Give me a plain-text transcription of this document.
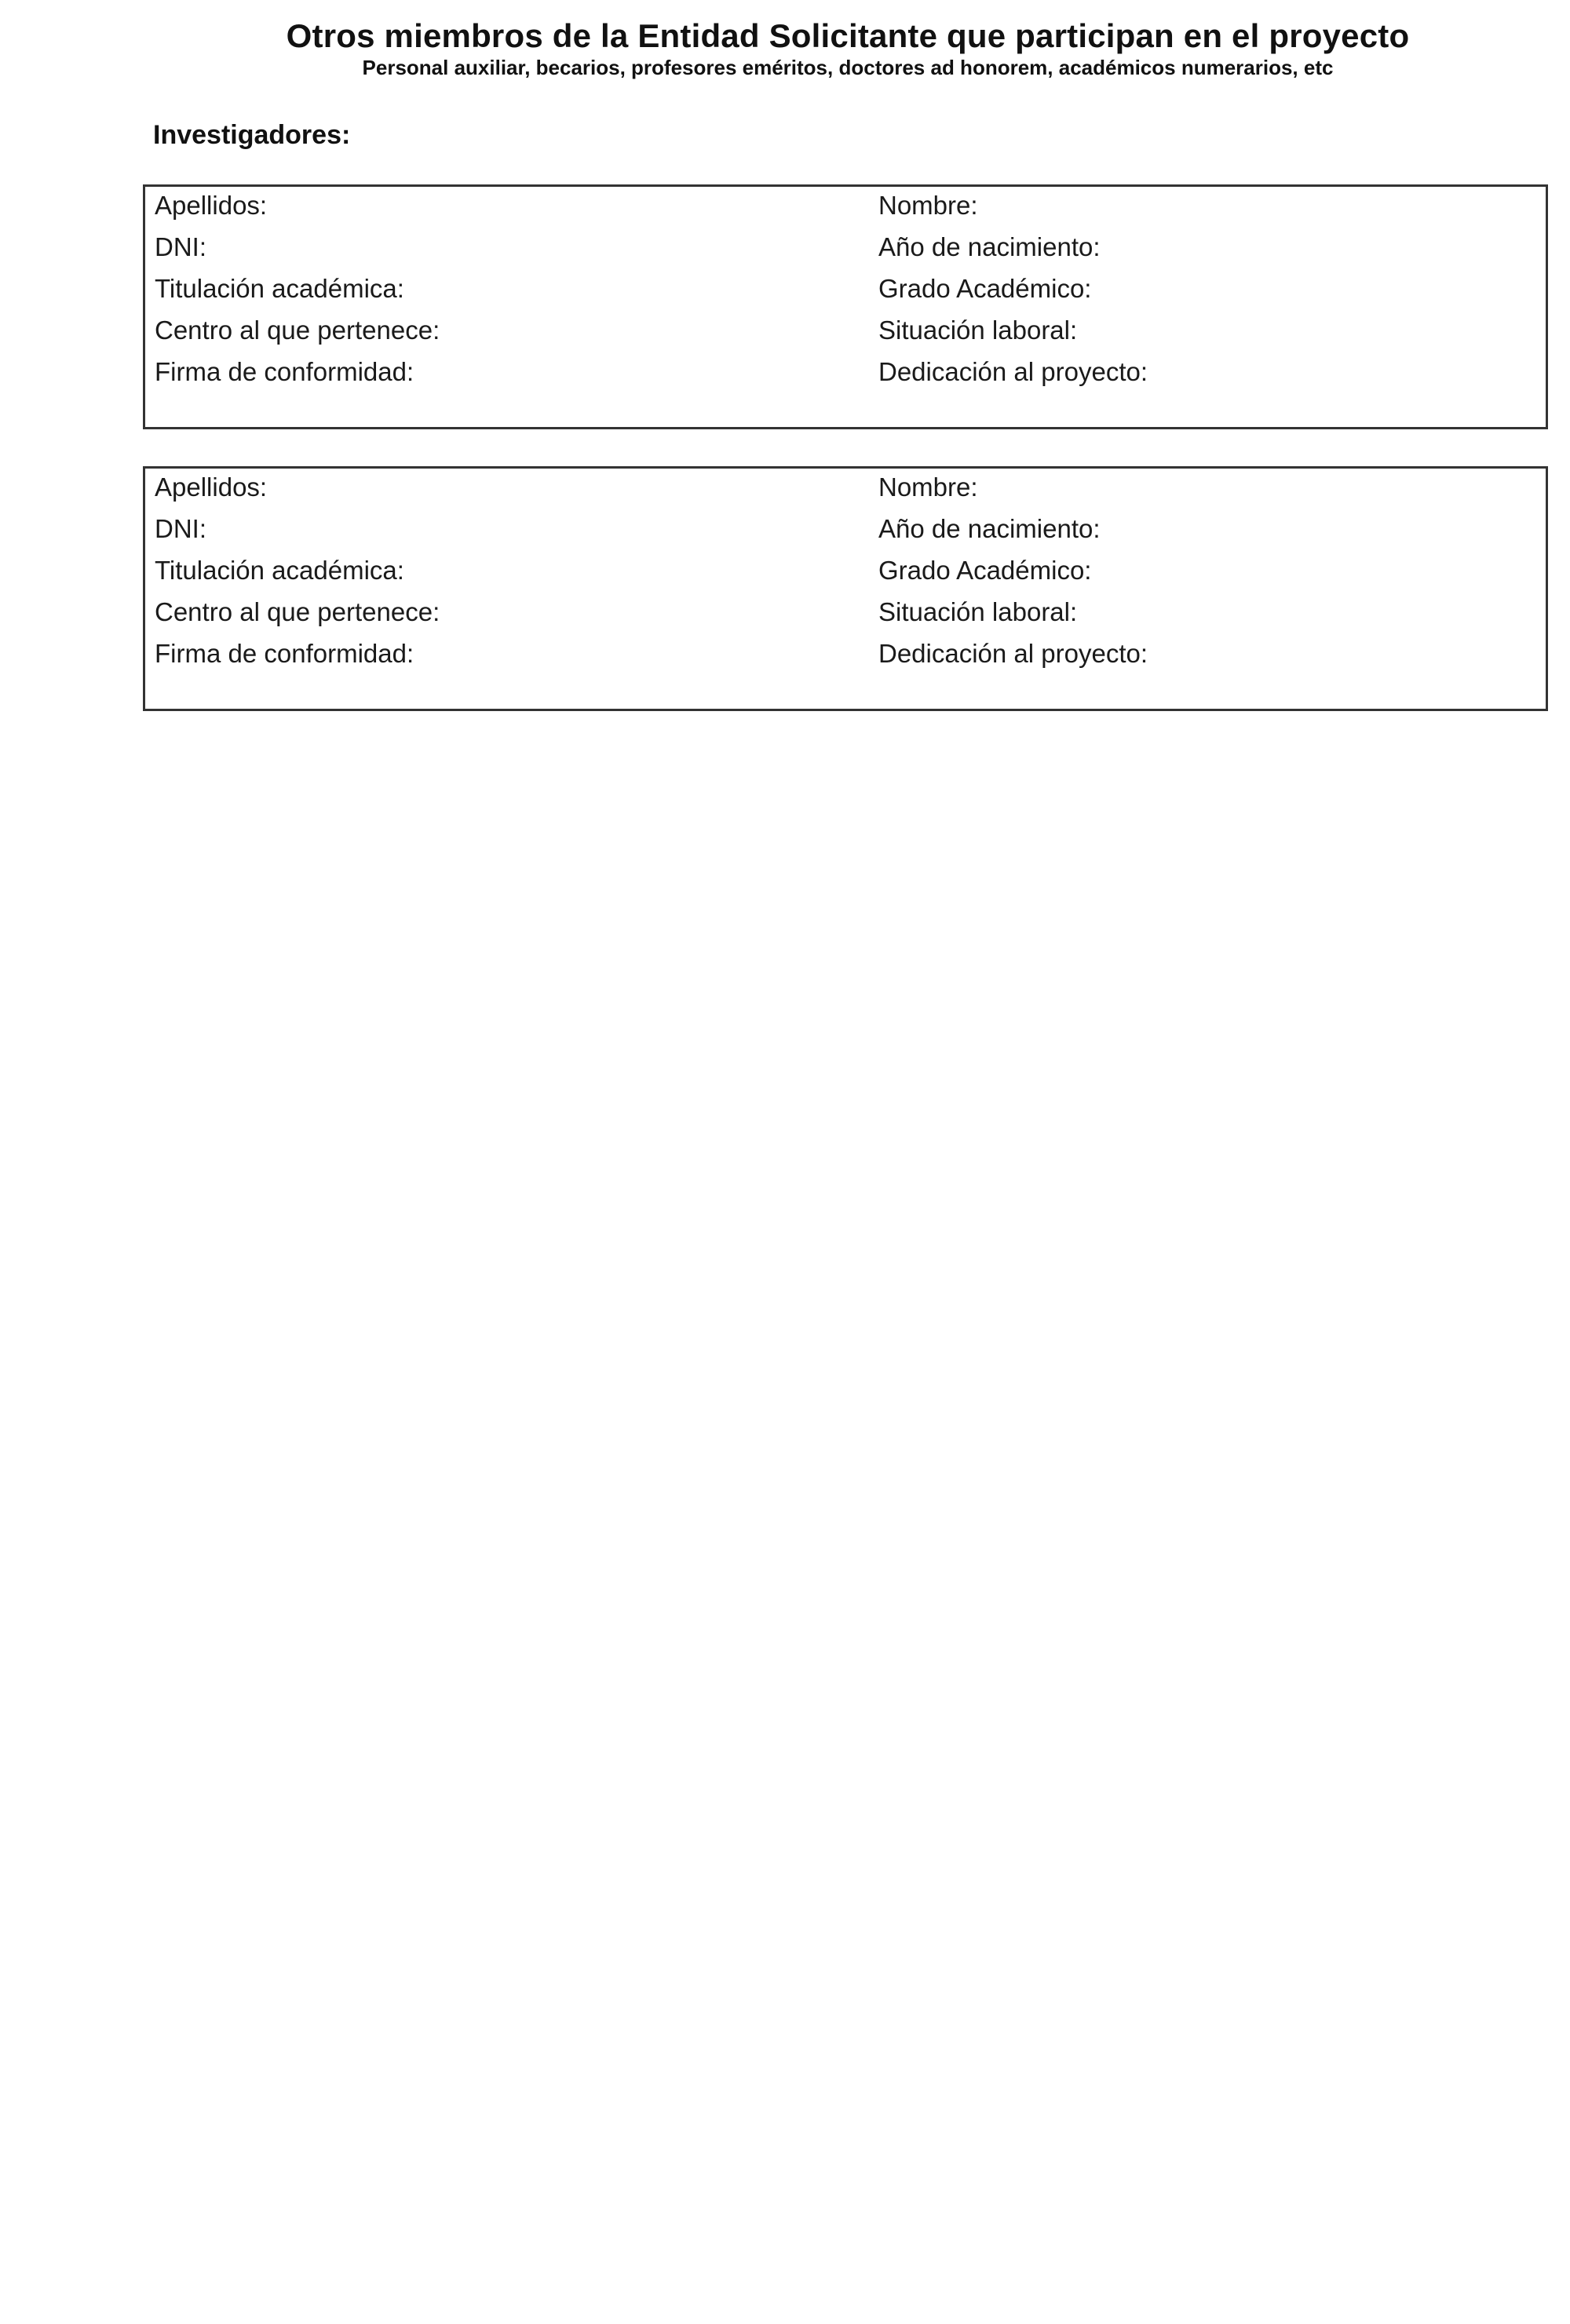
Otros miembros de la Entidad Solicitante que participan en el proyecto
Personal auxiliar, becarios, profesores eméritos, doctores ad honorem, académicos numerarios, etc
Investigadores:
Apellidos:
DNI:
Titulación académica:
Centro al que pertenece:
Firma de conformidad:
Nombre:
Año de nacimiento:
Grado Académico:
Situación laboral:
Dedicación al proyecto:
Apellidos:
DNI:
Titulación académica:
Centro al que pertenece:
Firma de conformidad:
Nombre:
Año de nacimiento:
Grado Académico:
Situación laboral:
Dedicación al proyecto:
